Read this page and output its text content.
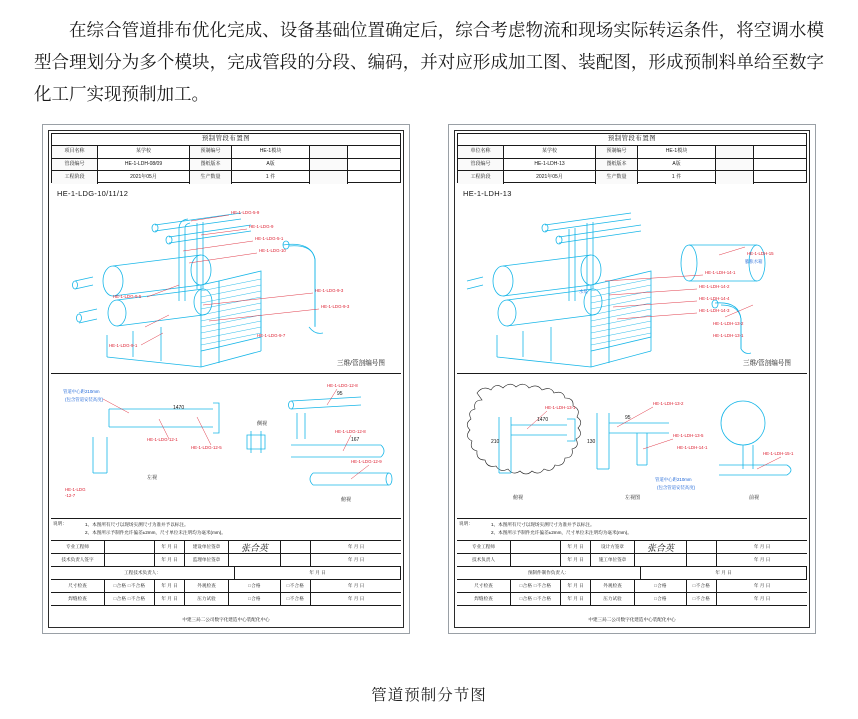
在综合管道排布优化完成、设备基础位置确定后，综合考虑物流和现场实际转运条件，将空调水模型合理划分为多个模块，完成管段的分段、编码，并对应形成加工图、装配图，形成预制料单给至数字化工厂实现预制加工。

预制管段布置图
项目名称	某学校	预制编号	HE-1模块
管段编号	HE-1-LDH-08/09	图纸版本	A版
工程阶段	2021年05月	生产数量	1 件
HE-1-LDG-10/11/12
HE-1-LDG-5-9
HE-1-LDG-9
HE-1-LDG-5-1
HE-1-LDG-10
HE-1-LDG-9-3
HE-1-LDG-9-3
HE-1-LDG-9-7
HE-1-LDG-9-5
HE-1-LDG-9-1
三维/管剖编号图
HE-1-LDG-12-1
HE-1-LDG-12-5
HE-1-LDG-12-8
HE-1-LDG-12-8
HE-1-LDG-12-9
1470
95
167
侧视
左视
俯视
管道中心距210mm
(包含管道安装高度)
HE-1-LDG
-12-7
说明：	1、本图所有尺寸以现场实测尺寸为准并予以标注。
2、本图所示予制件允许偏差±2mm，尺寸单位未注明均为毫米(mm)。
专业工程师	年 月 日	建设单位签章	张合英	年 月 日
技术负责人签字	年 月 日	监理单位签章	年 月 日
工程技术负责人：	年 月 日
尺寸检查	□合格 □不合格	年 月 日	外观检查	□合格	□不合格	年 月 日
焊缝检查	□合格 □不合格	年 月 日	压力试验	□合格	□不合格	年 月 日
中建三局二公司数字化建造中心装配化中心
预制管段布置图
单位名称	某学校	预制编号	HE-1模块
管段编号	HE-1-LDH-13	图纸版本	A版
工程阶段	2021年05月	生产数量	1 件
HE-1-LDH-13
HE-1-LDH-14-1
HE-1-LDH-15
HE-1-LDH-14-2
HE-1-LDH-14-4
HE-1-LDH-14-3
HE-1-LDH-13-2
HE-1-LDH-13-1
膨胀水箱
水泵
三维/管剖编号图
HE-1-LDH-13-1
HE-1-LDH-13-2
HE-1-LDH-13-5
HE-1-LDH-14-1
HE-1-LDH-15-1
1470	95
210	130
俯视	左视图	前视
管道中心距210mm
(包含管道安装高度)
说明：	1、本图所有尺寸以现场实测尺寸为准并予以标注。
2、本图所示予制件允许偏差±2mm，尺寸单位未注明均为毫米(mm)。
专业工程师	年 月 日	设计方签章	张合英	年 月 日
技术负责人	年 月 日	施工单位签章	年 月 日
预制件制作负责人：	年 月 日
尺寸检查	□合格 □不合格	年 月 日	外观检查	□合格	□不合格	年 月 日
焊缝检查	□合格 □不合格	年 月 日	压力试验	□合格	□不合格	年 月 日
中建三局二公司数字化建造中心装配化中心
管道预制分节图
